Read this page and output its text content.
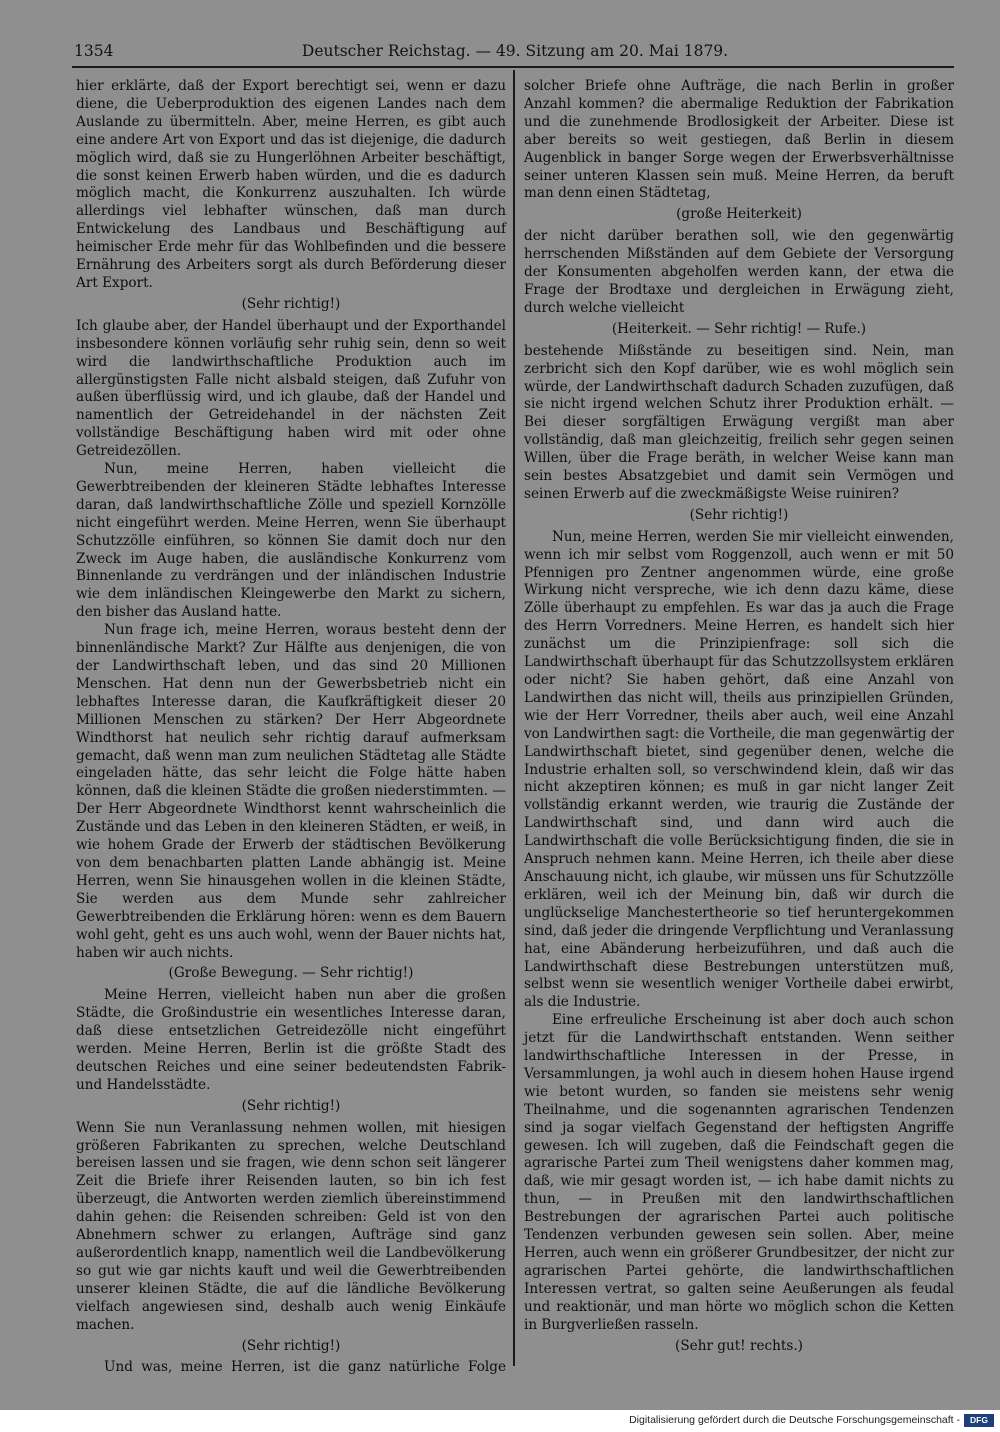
1354	Deutscher Reichstag. — 49. Sitzung am 20. Mai 1879.

hier erklärte, daß der Export berechtigt sei, wenn er dazu diene, die Ueberproduktion des eigenen Landes nach dem Auslande zu übermitteln. Aber, meine Herren, es gibt auch eine andere Art von Export und das ist diejenige, die dadurch möglich wird, daß sie zu Hungerlöhnen Arbeiter beschäftigt, die sonst keinen Erwerb haben würden, und die es dadurch möglich macht, die Konkurrenz auszuhalten. Ich würde allerdings viel lebhafter wünschen, daß man durch Entwickelung des Landbaus und Beschäftigung auf heimischer Erde mehr für das Wohlbefinden und die bessere Ernährung des Arbeiters sorgt als durch Beförderung dieser Art Export.

(Sehr richtig!)

Ich glaube aber, der Handel überhaupt und der Exporthandel insbesondere können vorläufig sehr ruhig sein, denn so weit wird die landwirthschaftliche Produktion auch im allergünstigsten Falle nicht alsbald steigen, daß Zufuhr von außen überflüssig wird, und ich glaube, daß der Handel und namentlich der Getreidehandel in der nächsten Zeit vollständige Beschäftigung haben wird mit oder ohne Getreidezöllen.

Nun, meine Herren, haben vielleicht die Gewerbtreibenden der kleineren Städte lebhaftes Interesse daran, daß landwirthschaftliche Zölle und speziell Kornzölle nicht eingeführt werden. Meine Herren, wenn Sie überhaupt Schutzzölle einführen, so können Sie damit doch nur den Zweck im Auge haben, die ausländische Konkurrenz vom Binnenlande zu verdrängen und der inländischen Industrie wie dem inländischen Kleingewerbe den Markt zu sichern, den bisher das Ausland hatte.

Nun frage ich, meine Herren, woraus besteht denn der binnenländische Markt? Zur Hälfte aus denjenigen, die von der Landwirthschaft leben, und das sind 20 Millionen Menschen. Hat denn nun der Gewerbsbetrieb nicht ein lebhaftes Interesse daran, die Kaufkräftigkeit dieser 20 Millionen Menschen zu stärken? Der Herr Abgeordnete Windthorst hat neulich sehr richtig darauf aufmerksam gemacht, daß wenn man zum neulichen Städtetag alle Städte eingeladen hätte, das sehr leicht die Folge hätte haben können, daß die kleinen Städte die großen niederstimmten. — Der Herr Abgeordnete Windthorst kennt wahrscheinlich die Zustände und das Leben in den kleineren Städten, er weiß, in wie hohem Grade der Erwerb der städtischen Bevölkerung von dem benachbarten platten Lande abhängig ist. Meine Herren, wenn Sie hinausgehen wollen in die kleinen Städte, Sie werden aus dem Munde sehr zahlreicher Gewerbtreibenden die Erklärung hören: wenn es dem Bauern wohl geht, geht es uns auch wohl, wenn der Bauer nichts hat, haben wir auch nichts.

(Große Bewegung. — Sehr richtig!)

Meine Herren, vielleicht haben nun aber die großen Städte, die Großindustrie ein wesentliches Interesse daran, daß diese entsetzlichen Getreidezölle nicht eingeführt werden. Meine Herren, Berlin ist die größte Stadt des deutschen Reiches und eine seiner bedeutendsten Fabrik- und Handelsstädte.

(Sehr richtig!)

Wenn Sie nun Veranlassung nehmen wollen, mit hiesigen größeren Fabrikanten zu sprechen, welche Deutschland bereisen lassen und sie fragen, wie denn schon seit längerer Zeit die Briefe ihrer Reisenden lauten, so bin ich fest überzeugt, die Antworten werden ziemlich übereinstimmend dahin gehen: die Reisenden schreiben: Geld ist von den Abnehmern schwer zu erlangen, Aufträge sind ganz außerordentlich knapp, namentlich weil die Landbevölkerung so gut wie gar nichts kauft und weil die Gewerbtreibenden unserer kleinen Städte, die auf die ländliche Bevölkerung vielfach angewiesen sind, deshalb auch wenig Einkäufe machen.

(Sehr richtig!)

Und was, meine Herren, ist die ganz natürliche Folge

solcher Briefe ohne Aufträge, die nach Berlin in großer Anzahl kommen? die abermalige Reduktion der Fabrikation und die zunehmende Brodlosigkeit der Arbeiter. Diese ist aber bereits so weit gestiegen, daß Berlin in diesem Augenblick in banger Sorge wegen der Erwerbsverhältnisse seiner unteren Klassen sein muß. Meine Herren, da beruft man denn einen Städtetag,

(große Heiterkeit)

der nicht darüber berathen soll, wie den gegenwärtig herrschenden Mißständen auf dem Gebiete der Versorgung der Konsumenten abgeholfen werden kann, der etwa die Frage der Brodtaxe und dergleichen in Erwägung zieht, durch welche vielleicht

(Heiterkeit. — Sehr richtig! — Rufe.)

bestehende Mißstände zu beseitigen sind. Nein, man zerbricht sich den Kopf darüber, wie es wohl möglich sein würde, der Landwirthschaft dadurch Schaden zuzufügen, daß sie nicht irgend welchen Schutz ihrer Produktion erhält. — Bei dieser sorgfältigen Erwägung vergißt man aber vollständig, daß man gleichzeitig, freilich sehr gegen seinen Willen, über die Frage beräth, in welcher Weise kann man sein bestes Absatzgebiet und damit sein Vermögen und seinen Erwerb auf die zweckmäßigste Weise ruiniren?

(Sehr richtig!)

Nun, meine Herren, werden Sie mir vielleicht einwenden, wenn ich mir selbst vom Roggenzoll, auch wenn er mit 50 Pfennigen pro Zentner angenommen würde, eine große Wirkung nicht verspreche, wie ich denn dazu käme, diese Zölle überhaupt zu empfehlen. Es war das ja auch die Frage des Herrn Vorredners. Meine Herren, es handelt sich hier zunächst um die Prinzipienfrage: soll sich die Landwirthschaft überhaupt für das Schutzzollsystem erklären oder nicht? Sie haben gehört, daß eine Anzahl von Landwirthen das nicht will, theils aus prinzipiellen Gründen, wie der Herr Vorredner, theils aber auch, weil eine Anzahl von Landwirthen sagt: die Vortheile, die man gegenwärtig der Landwirthschaft bietet, sind gegenüber denen, welche die Industrie erhalten soll, so verschwindend klein, daß wir das nicht akzeptiren können; es muß in gar nicht langer Zeit vollständig erkannt werden, wie traurig die Zustände der Landwirthschaft sind, und dann wird auch die Landwirthschaft die volle Berücksichtigung finden, die sie in Anspruch nehmen kann. Meine Herren, ich theile aber diese Anschauung nicht, ich glaube, wir müssen uns für Schutzzölle erklären, weil ich der Meinung bin, daß wir durch die unglückselige Manchestertheorie so tief heruntergekommen sind, daß jeder die dringende Verpflichtung und Veranlassung hat, eine Abänderung herbeizuführen, und daß auch die Landwirthschaft diese Bestrebungen unterstützen muß, selbst wenn sie wesentlich weniger Vortheile dabei erwirbt, als die Industrie.

Eine erfreuliche Erscheinung ist aber doch auch schon jetzt für die Landwirthschaft entstanden. Wenn seither landwirthschaftliche Interessen in der Presse, in Versammlungen, ja wohl auch in diesem hohen Hause irgend wie betont wurden, so fanden sie meistens sehr wenig Theilnahme, und die sogenannten agrarischen Tendenzen sind ja sogar vielfach Gegenstand der heftigsten Angriffe gewesen. Ich will zugeben, daß die Feindschaft gegen die agrarische Partei zum Theil wenigstens daher kommen mag, daß, wie mir gesagt worden ist, — ich habe damit nichts zu thun, — in Preußen mit den landwirthschaftlichen Bestrebungen der agrarischen Partei auch politische Tendenzen verbunden gewesen sein sollen. Aber, meine Herren, auch wenn ein größerer Grundbesitzer, der nicht zur agrarischen Partei gehörte, die landwirthschaftlichen Interessen vertrat, so galten seine Aeußerungen als feudal und reaktionär, und man hörte wo möglich schon die Ketten in Burgverließen rasseln.

(Sehr gut! rechts.)

Digitalisierung gefördert durch die Deutsche Forschungsgemeinschaft -	DFG
